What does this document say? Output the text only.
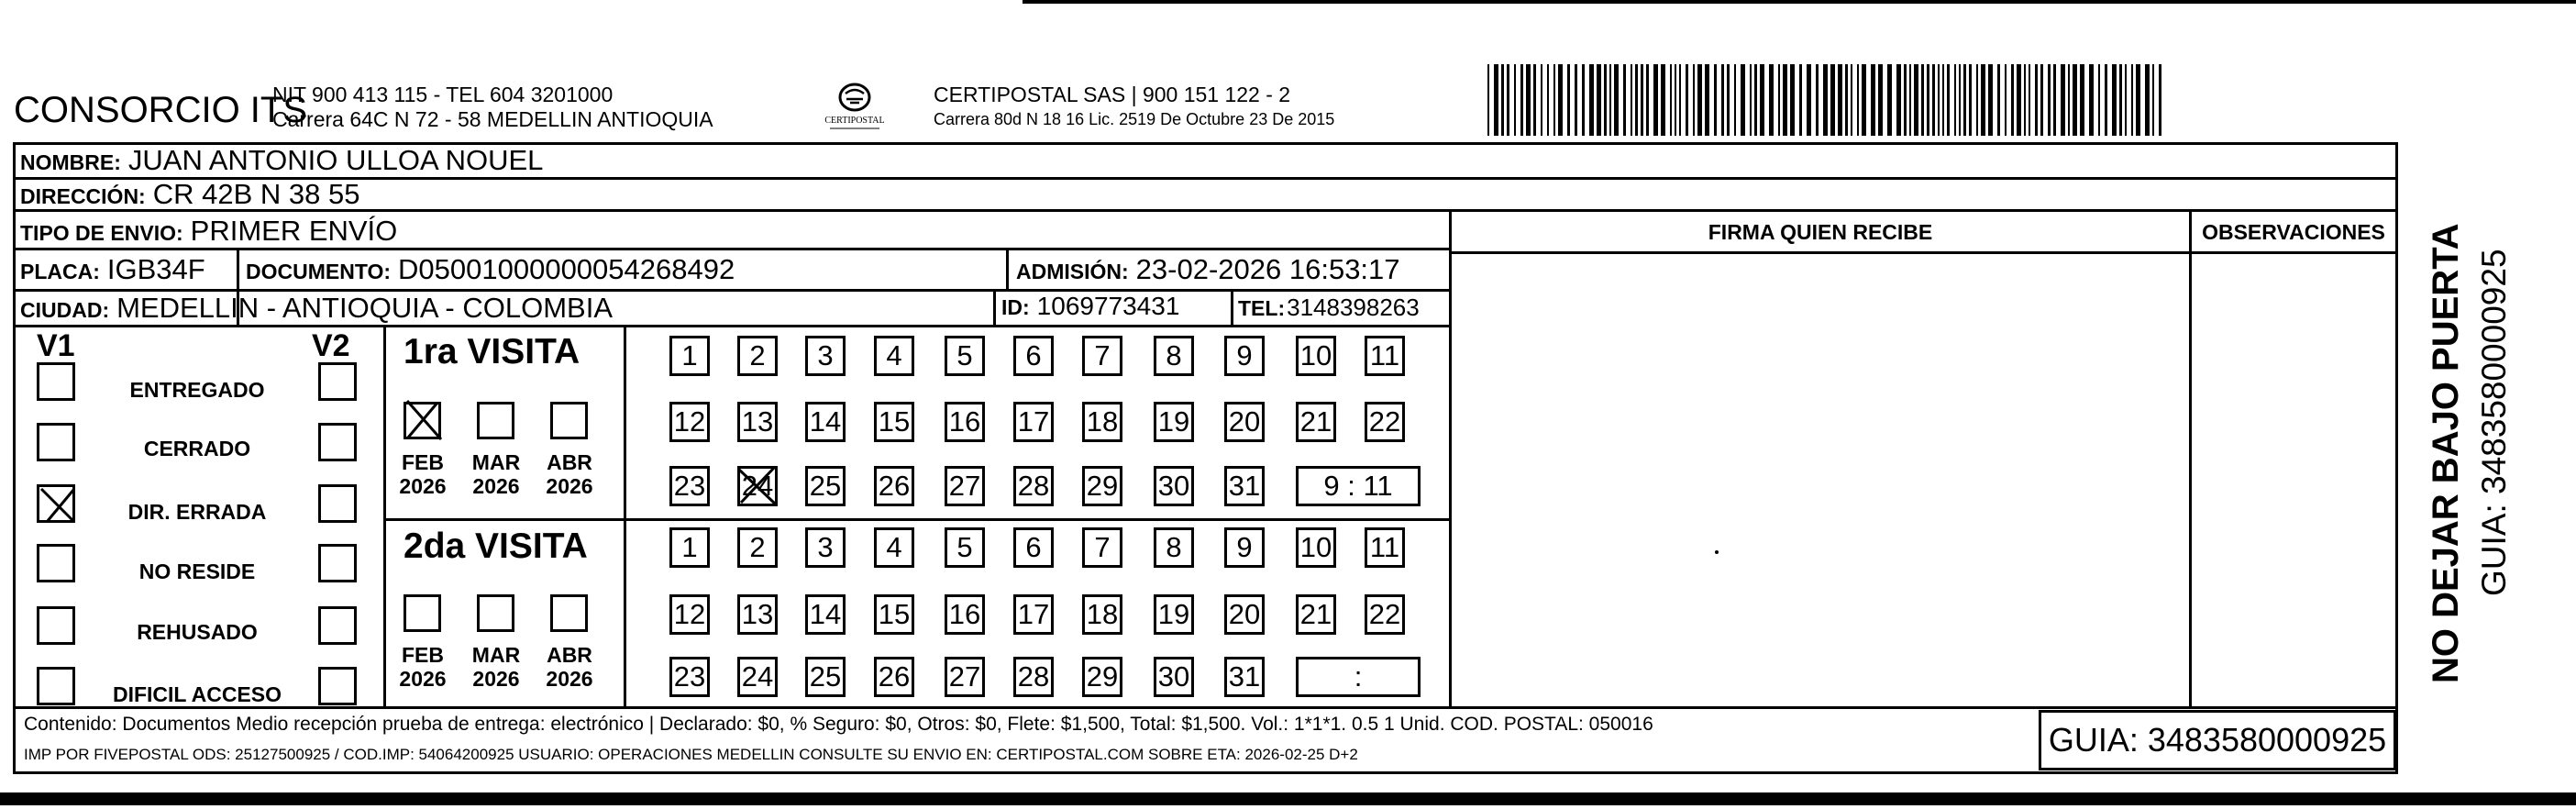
CONSORCIO ITS
NIT 900 413 115 - TEL 604 3201000
Carrera 64C N 72 - 58 MEDELLIN ANTIOQUIA	CERTIPOSTAL
CERTIPOSTAL SAS | 900 151 122 - 2
Carrera 80d N 18 16 Lic. 2519 De Octubre 23 De 2015
NOMBRE: JUAN ANTONIO ULLOA NOUEL
DIRECCIÓN: CR 42B N 38 55
TIPO DE ENVIO: PRIMER ENVÍO
PLACA: IGB34F DOCUMENTO: D05001000000054268492	ADMISIÓN: 23-02-2026 16:53:17
CIUDAD: MEDELLIN - ANTIOQUIA - COLOMBIA	ID: 1069773431	TEL: 3148398263
FIRMA QUIEN RECIBE	OBSERVACIONES
V1	V2
ENTREGADO
CERRADO
DIR. ERRADA
NO RESIDE
REHUSADO
DIFICIL ACCESO
1ra VISITA
FEB
2026
MAR
2026
ABR
2026
1	2	3	4	5	6	7	8	9	10 11
12 13 14 15 16 17 18 19 20 21 22
23 24 25 26 27 28 29 30 31	9 : 11
2da VISITA
FEB
2026
MAR
2026
ABR
2026
1	2	3	4	5	6	7	8	9	10 11
12 13 14 15 16 17 18 19 20 21 22
23 24 25 26 27 28 29 30 31	:
Contenido: Documentos Medio recepción prueba de entrega: electrónico | Declarado: $0, % Seguro: $0, Otros: $0, Flete: $1,500, Total: $1,500. Vol.: 1*1*1. 0.5 1 Unid. COD. POSTAL: 050016
IMP POR FIVEPOSTAL ODS: 25127500925 / COD.IMP: 54064200925 USUARIO: OPERACIONES MEDELLIN CONSULTE SU ENVIO EN: CERTIPOSTAL.COM SOBRE ETA: 2026-02-25 D+2	GUIA: 3483580000925
NO DEJAR BAJO PUERTA GUIA: 3483580000925
